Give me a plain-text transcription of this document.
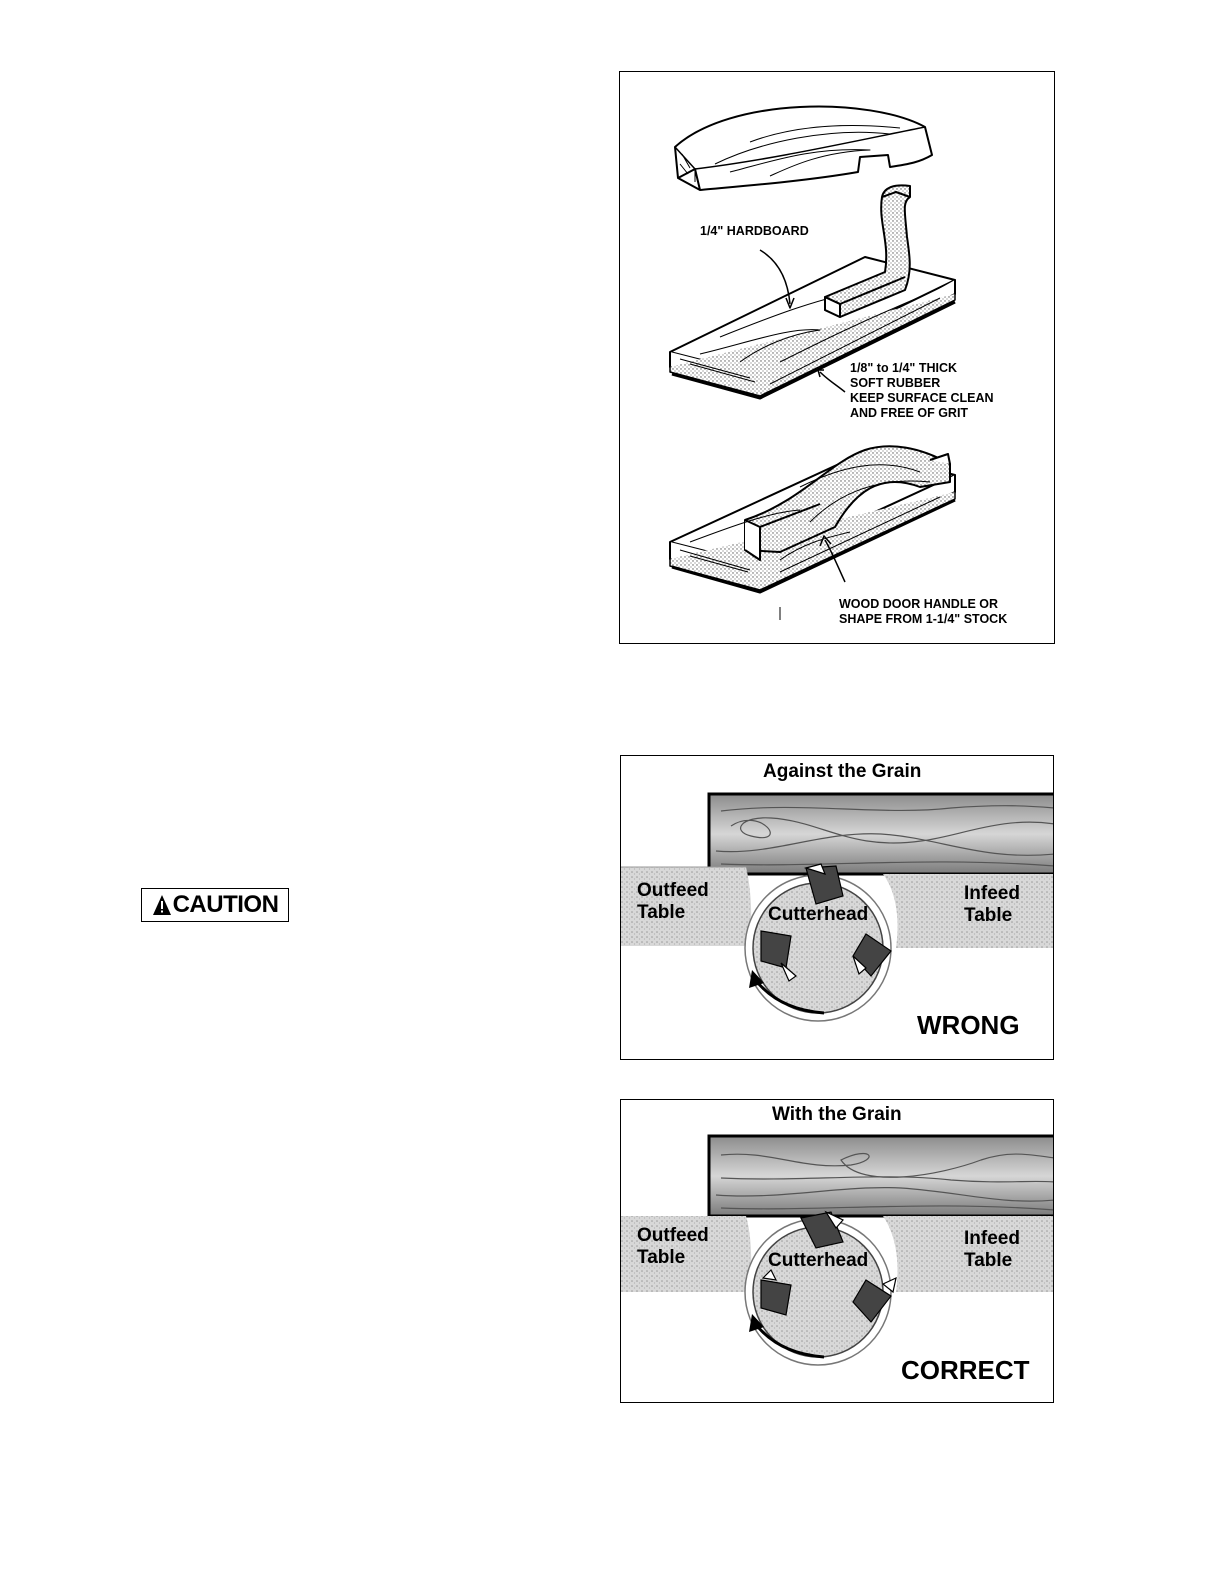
1/4" HARDBOARD
1/8" to 1/4" THICK
SOFT RUBBER
KEEP SURFACE CLEAN
AND FREE OF GRIT
WOOD DOOR HANDLE OR
SHAPE FROM 1-1/4" STOCK
CAUTION
Against the Grain
Outfeed
Table
Infeed
Table
Cutterhead
WRONG
With the Grain
Outfeed
Table
Infeed
Table
Cutterhead
CORRECT
